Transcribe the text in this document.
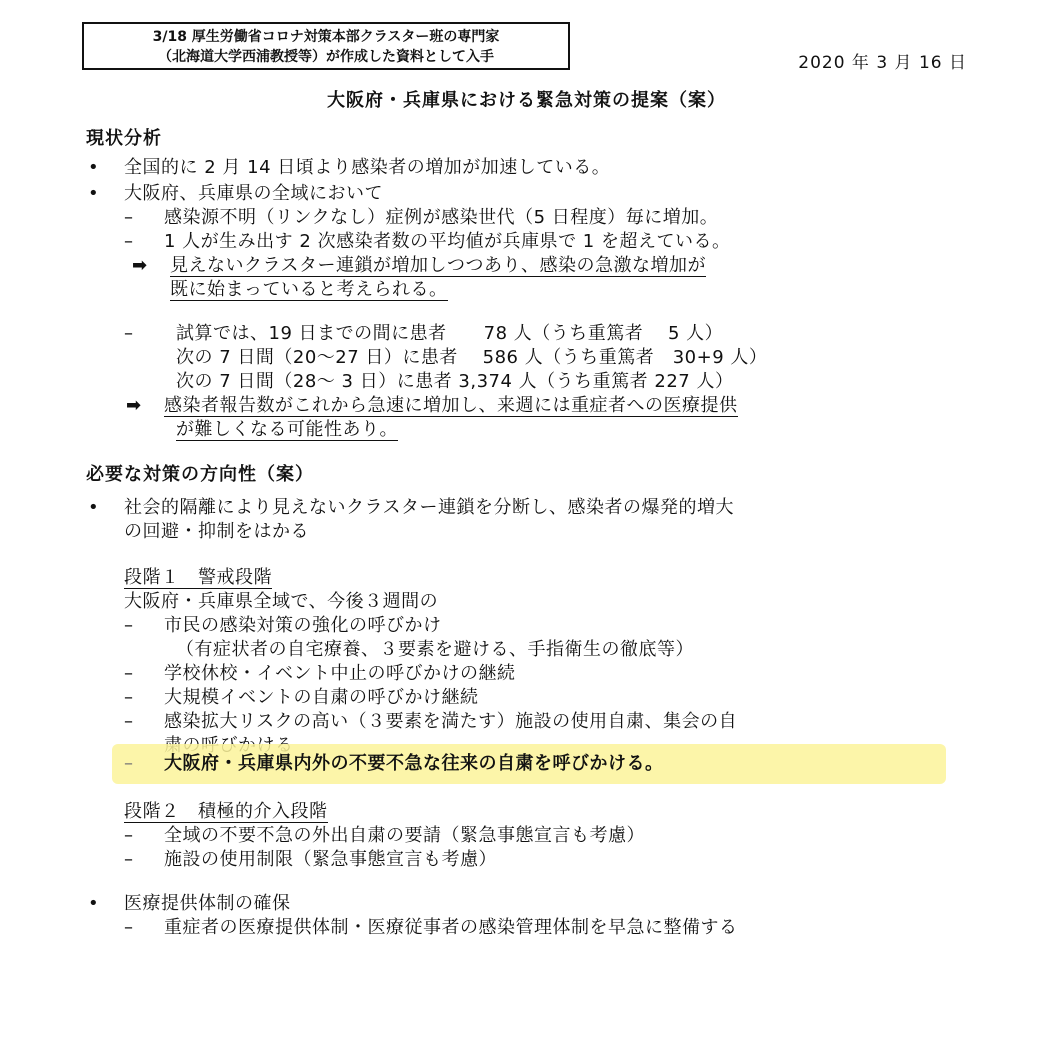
3/18 厚生労働省コロナ対策本部クラスター班の専門家
（北海道大学西浦教授等）が作成した資料として入手	2020 年 3 月 16 日
大阪府・兵庫県における緊急対策の提案（案）
現状分析
• 全国的に 2 月 14 日頃より感染者の増加が加速している。
• 大阪府、兵庫県の全域において
– 感染源不明（リンクなし）症例が感染世代（5 日程度）毎に増加。
– 1 人が生み出す 2 次感染者数の平均値が兵庫県で 1 を超えている。
➡ 見えないクラスター連鎖が増加しつつあり、感染の急激な増加が
既に始まっていると考えられる。
– 試算では、19 日までの間に患者　　78 人（うち重篤者　 5 人）
次の 7 日間（20〜27 日）に患者　 586 人（うち重篤者　30+9 人）
次の 7 日間（28〜 3 日）に患者 3,374 人（うち重篤者 227 人）
➡ 感染者報告数がこれから急速に増加し、来週には重症者への医療提供
が難しくなる可能性あり。
必要な対策の方向性（案）
• 社会的隔離により見えないクラスター連鎖を分断し、感染者の爆発的増大
の回避・抑制をはかる
段階１　警戒段階
大阪府・兵庫県全域で、今後３週間の
– 市民の感染対策の強化の呼びかけ
（有症状者の自宅療養、３要素を避ける、手指衛生の徹底等）
– 学校休校・イベント中止の呼びかけの継続
– 大規模イベントの自粛の呼びかけ継続
– 感染拡大リスクの高い（３要素を満たす）施設の使用自粛、集会の自
– 大阪府・兵庫県内外の不要不急な往来の自粛を呼びかける。
段階２　積極的介入段階
– 全域の不要不急の外出自粛の要請（緊急事態宣言も考慮）
– 施設の使用制限（緊急事態宣言も考慮）
• 医療提供体制の確保
– 重症者の医療提供体制・医療従事者の感染管理体制を早急に整備する
